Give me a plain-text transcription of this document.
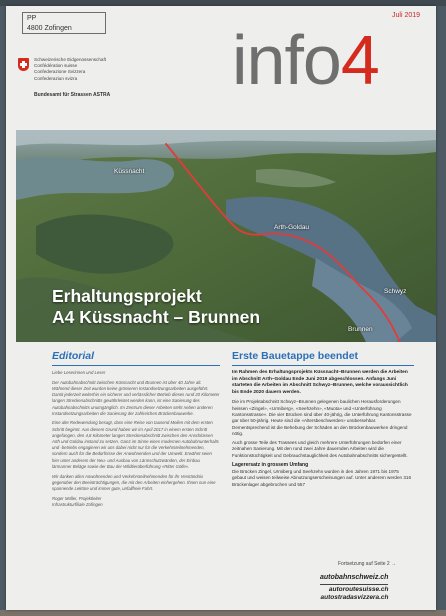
PP
4800 Zofingen
Juli 2019
Schweizerische Eidgenossenschaft
Confédération suisse
Confederazione Svizzera
Confederaziun svizra
Bundesamt für Strassen ASTRA info4
Küssnacht
Arth-Goldau
Schwyz
Brunnen
Erhaltungsprojekt
A4 Küssnacht – Brunnen
Editorial

Liebe Leserinnen und Leser

Der Autobahnabschnitt zwischen Küssnacht und Brunnen ist über 40 Jahre alt. Während dieser Zeit wurden keine grösseren Instandsetzungsarbeiten ausgeführt. Damit jederzeit weiterhin ein sicherer und verlässlicher Betrieb dieses rund 20 Kilometer langen Streckenabschnitts gewährleistet werden kann, ist eine Sanierung des Autobahnabschnitts unumgänglich. Im Zentrum dieser Arbeiten steht neben anderen Instandsetzungsarbeiten die Sanierung der zahlreichen Brückenbauwerke.

Eine alte Redewendung besagt, dass eine Reise von tausend Meilen mit dem ersten Schritt beginnt. Aus diesem Grund haben wir im April 2017 in einem ersten Schritt angefangen, den 4,8 Kilometer langen Streckenabschnitt zwischen den Anschlüssen Arth und Goldau instand zu setzen. Ganz im Sinne eines modernen Autobahnunterhalts und -betriebs engagieren wir uns dabei nicht nur für die Verkehrsteilnehmenden, sondern auch für die Bedürfnisse der Anwohnenden und der Umwelt. Erwähnt seien hier unter anderem der Neu- und Ausbau von Lärmschutzwänden, der Einbau lärmarmer Beläge sowie der Bau der Wildtierüberführung «Ritter Gölle».

Wir danken allen Anwohnenden und Verkehrsteilnehmenden für ihr Verständnis gegenüber den Beeinträchtigungen, die mit den Arbeiten einhergehen. Ihnen nun eine spannende Lektüre und immer gute, unfallfreie Fahrt.

Roger Müller, Projektleiter

Infrastrukturfiliale Zofingen

Erste Bauetappe beendet

Im Rahmen des Erhaltungsprojekts Küssnacht–Brunnen werden die Arbeiten im Abschnitt Arth–Goldau Ende Juni 2019 abgeschlossen. Anfangs Juni starteten die Arbeiten im Abschnitt Schwyz–Brunnen, welche voraussichtlich bis Ende 2020 dauern werden.

Die im Projektabschnitt Schwyz–Brunnen gelegenen baulichen Herausforderungen heissen «Zingel», «Urmiberg», «Seehzehn», «Muota» und «Unterführung Kantonsstrasse». Die vier Brücken sind über 40-jährig, die Unterführung Kantonsstrasse gar über 50-jährig. Heute sind die «Altersbeschwerden» unübersehbar. Dementsprechend ist die Behebung der Schäden an den Brückenbauwerken dringend nötig.

Auch grosse Teile des Trassees und gleich mehrere Unterführungen bedürfen einer zeitnahen Sanierung. Mit den rund zwei Jahre dauernden Arbeiten wird die Funktionstüchtigkeit und Gebrauchstauglichkeit des Autobahnabschnitts sichergestellt.

Lagerersatz in grossem Umfang

Die Brücken Zingel, Urmiberg und Seehzehn wurden in den Jahren 1971 bis 1975 gebaut und weisen teilweise Abnutzungserscheinungen auf. Unter anderem werden 316 Brückenlager abgebrochen und 557

Fortsetzung auf Seite 2 →
autobahnschweiz.ch
autoroutesuisse.ch
autostradasvizzera.ch
